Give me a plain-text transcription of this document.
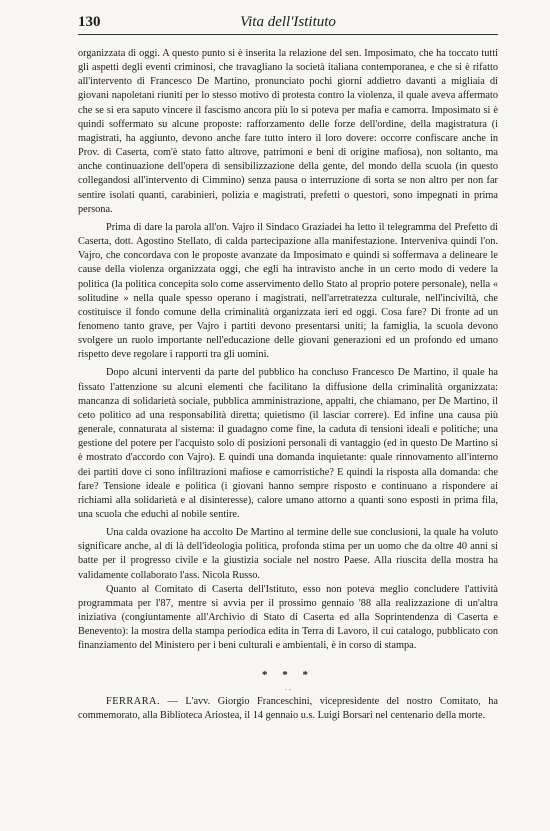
130	Vita dell'Istituto

organizzata di oggi. A questo punto si è inserita la relazione del sen. Imposimato, che ha toccato tutti gli aspetti degli eventi criminosi, che travagliano la società italiana contemporanea, e che si è rifatto all'intervento di Francesco De Martino, pronunciato pochi giorni addietro davanti a migliaia di giovani napoletani riuniti per lo stesso motivo di protesta contro la violenza, il quale aveva affermato che se si era saputo vincere il fascismo ancora più lo si poteva per mafia e camorra. Imposimato si è quindi soffermato su alcune proposte: rafforzamento delle forze dell'ordine, della magistratura (i magistrati, ha aggiunto, devono anche fare tutto intero il loro dovere: occorre confiscare anche in Prov. di Caserta, com'è stato fatto altrove, patrimoni e beni di origine mafiosa), non soltanto, ma anche continuazione dell'opera di sensibilizzazione della gente, del mondo della scuola (in questo collegandosi all'intervento di Cimmino) senza pausa o interruzione di sorta se non altro per non far sentire isolati quanti, carabinieri, polizia e magistrati, prefetti o questori, sono impegnati in prima persona.

Prima di dare la parola all'on. Vajro il Sindaco Graziadei ha letto il telegramma del Prefetto di Caserta, dott. Agostino Stellato, di calda partecipazione alla manifestazione. Interveniva quindi l'on. Vajro, che concordava con le proposte avanzate da Imposimato e quindi si soffermava a delineare le cause della violenza organizzata oggi, che egli ha intravisto anche in un certo modo di vedere la politica (la politica concepita solo come asservimento dello Stato al proprio potere personale), nella « solitudine » nella quale spesso operano i magistrati, nell'arretratezza culturale, nell'inciviltà, che costituisce il fondo comune della criminalità organizzata ieri ed oggi. Cosa fare? Di fronte ad un fenomeno tanto grave, per Vajro i partiti devono presentarsi uniti; la famiglia, la scuola devono svolgere un ruolo importante nell'educazione delle giovani generazioni ed un profondo ed umano rispetto deve regolare i rapporti tra gli uomini.

Dopo alcuni interventi da parte del pubblico ha concluso Francesco De Martino, il quale ha fissato l'attenzione su alcuni elementi che facilitano la diffusione della criminalità organizzata: mancanza di solidarietà sociale, pubblica amministrazione, appalti, che chiamano, per De Martino, il ceto politico ad una responsabilità diretta; quietismo (il lasciar correre). Ed infine una causa più generale, connaturata al sistema: il guadagno come fine, la caduta di tensioni ideali e politiche; una gestione del potere per l'acquisto solo di posizioni personali di vantaggio (ed in questo De Martino si è mostrato d'accordo con Vajro). E quindi una domanda inquietante: quale rinnovamento all'interno dei partiti dove ci sono infiltrazioni mafiose e camorristiche? E quindi la risposta alla domanda: che fare? Tensione ideale e politica (i giovani hanno sempre risposto e continuano a rispondere ai richiami alla solidarietà e al disinteresse), calore umano attorno a quanti sono esposti in prima fila, una scuola che educhi al nobile sentire.

Una calda ovazione ha accolto De Martino al termine delle sue conclusioni, la quale ha voluto significare anche, al di là dell'ideologia politica, profonda stima per un uomo che da oltre 40 anni si batte per il progresso civile e la giustizia sociale nel nostro Paese. Alla riuscita della mostra ha validamente collaborato l'ass. Nicola Russo.

Quanto al Comitato di Caserta dell'Istituto, esso non poteva meglio concludere l'attività programmata per l'87, mentre si avvia per il prossimo gennaio '88 alla realizzazione di un'altra iniziativa (congiuntamente all'Archivio di Stato di Caserta ed alla Soprintendenza di Caserta e Benevento): la mostra della stampa periodica edita in Terra di Lavoro, il cui catalogo, pubblicato con finanziamento del Ministero per i beni culturali e ambientali, è in corso di stampa.

* * *

˙ ¨

FERRARA. — L'avv. Giorgio Franceschini, vicepresidente del nostro Comitato, ha commemorato, alla Biblioteca Ariostea, il 14 gennaio u.s. Luigi Borsari nel centenario della morte.
